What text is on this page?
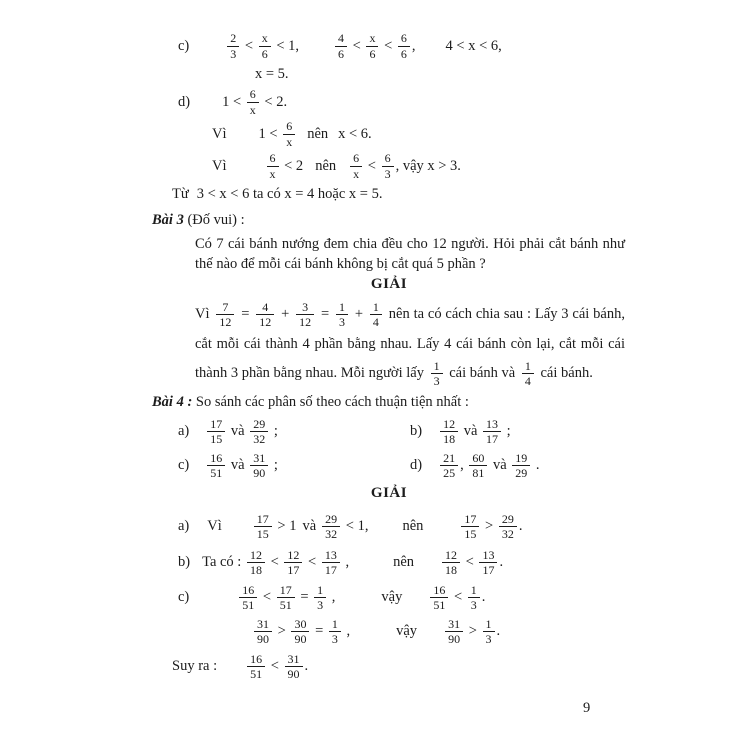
c)	$\frac{2}{3} < \frac{x}{6} < 1$,	$\frac{4}{6} < \frac{x}{6} < \frac{6}{6}$ , 4 < x < 6,
x = 5.
d) $1 < \frac{6}{x} < 2$.
Vì $1 < \frac{6}{x}$ nên x < 6.
Vì	$\frac{6}{x} < 2$ nên $\frac{6}{x} < \frac{6}{3}$ , vậy x > 3.
Từ 3 < x < 6 ta có x = 4 hoặc x = 5.
Bài 3 (Đố vui) :

Có 7 cái bánh nướng đem chia đều cho 12 người. Hỏi phải cắt bánh như thế nào để mỗi cái bánh không bị cắt quá 5 phần ?

GIẢI
Vì $\frac{7}{12} = \frac{4}{12} + \frac{3}{12} = \frac{1}{3} + \frac{1}{4}$ nên ta có cách chia sau : Lấy 3 cái bánh, cắt mỗi cái thành 4 phần bằng nhau. Lấy 4 cái bánh còn lại, cắt mỗi cái thành 3 phần bằng nhau. Mỗi người lấy $\frac{1}{3}$ cái bánh và $\frac{1}{4}$ cái bánh.
Bài 4 : So sánh các phân số theo cách thuận tiện nhất :
$a) \frac{17}{15}$ và $\frac{29}{32}$ ;	$b) \frac{12}{18}$ và $\frac{13}{17}$ ;
$c) \frac{16}{51}$ và $\frac{31}{90}$ ;	$d) \frac{21}{25}$ , $\frac{60}{81}$ và $\frac{19}{29}$ .
GIẢI
a) Vì	$\frac{17}{15} > 1$ và $\frac{29}{32} < 1$, nên	$\frac{17}{15} > \frac{29}{32}$ .
b) Ta có : $\frac{12}{18} < \frac{12}{17} < \frac{13}{17}$ ,	nên $\frac{12}{18} < \frac{13}{17}$ .
c)	$\frac{16}{51} < \frac{17}{51} = \frac{1}{3}$ ,	vậy $\frac{16}{51} < \frac{1}{3}$ .
$\frac{31}{90} > \frac{30}{90} = \frac{1}{3}$ ,	vậy $\frac{31}{90} > \frac{1}{3}$ .
Suy ra :	$\frac{16}{51} < \frac{31}{90}$ .
9
